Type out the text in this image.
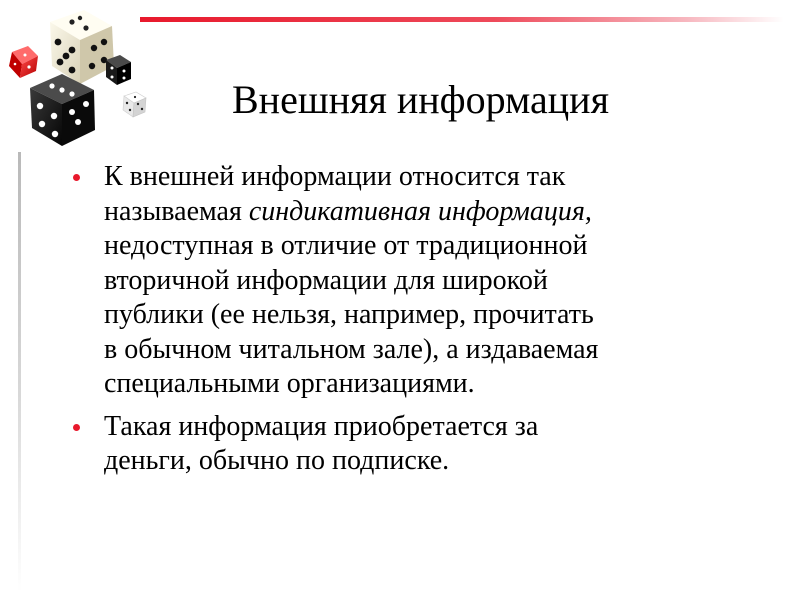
Внешняя информация
К внешней информации относится так
называемая синдикативная информация,
недоступная в отличие от традиционной
вторичной информации для широкой
публики (ее нельзя, например, прочитать
в обычном читальном зале), а издаваемая
специальными организациями.
Такая информация приобретается за
деньги, обычно по подписке.
